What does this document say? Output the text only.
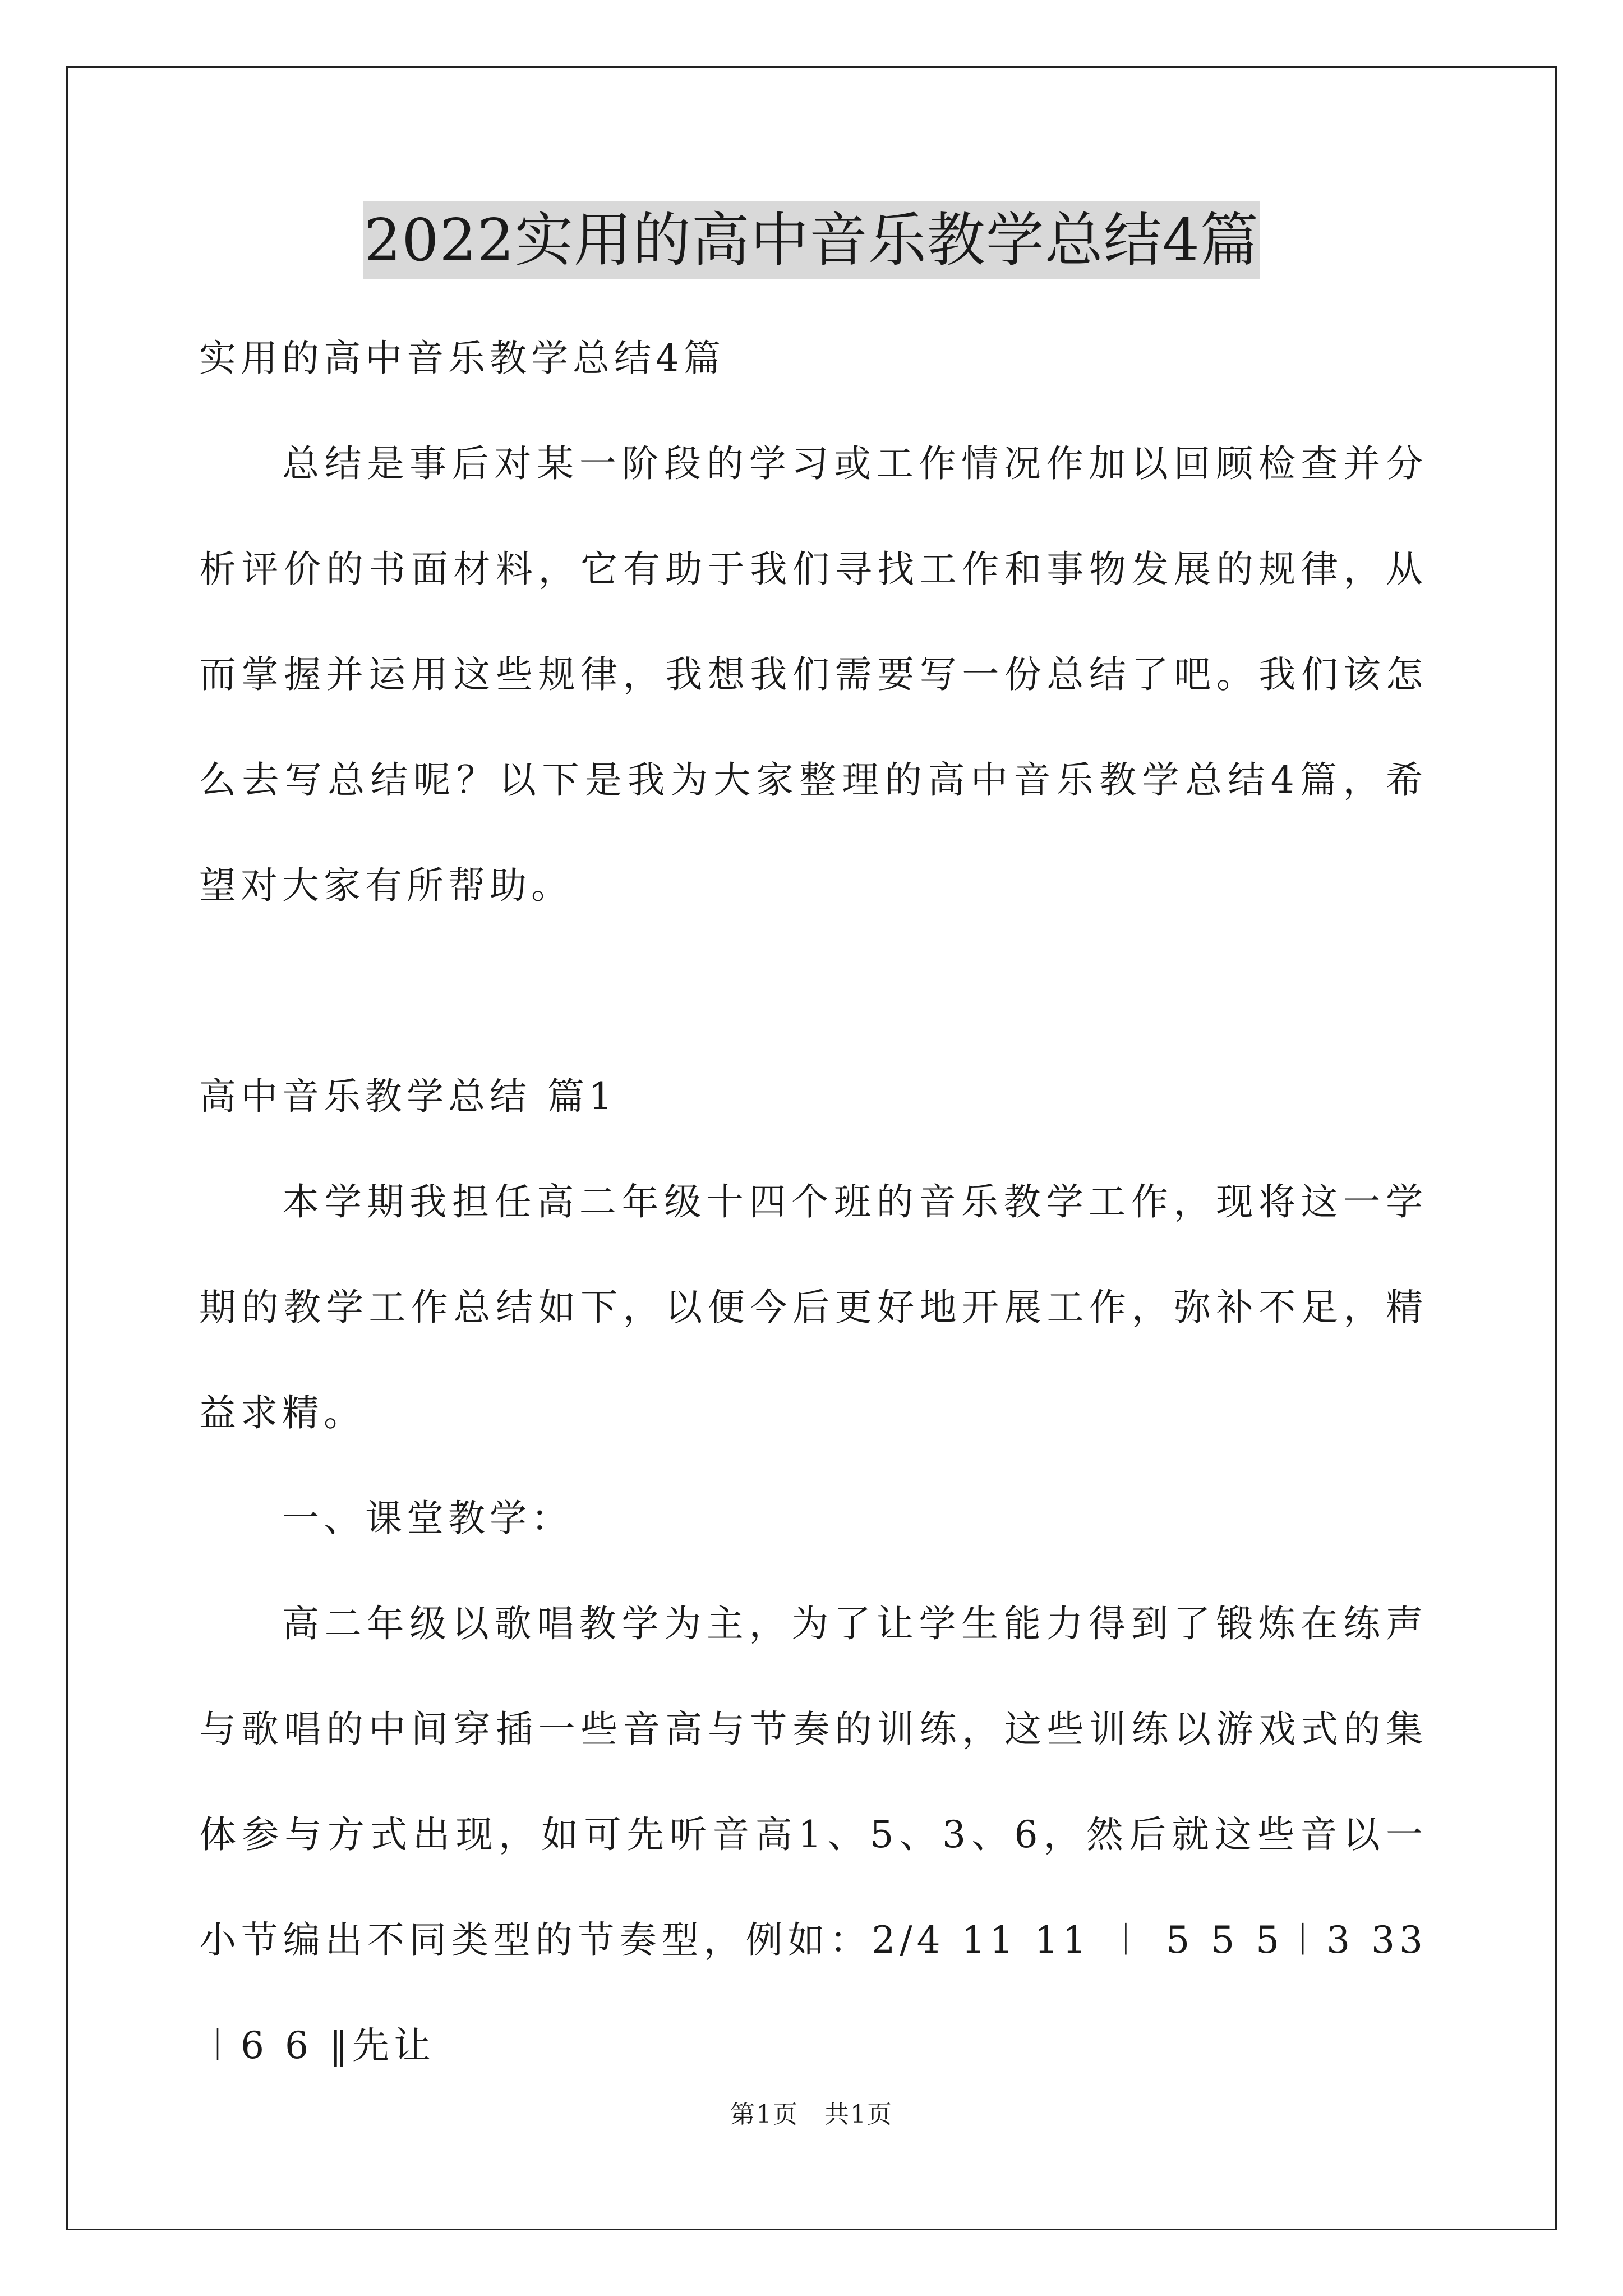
2022实用的高中音乐教学总结4篇

实用的高中音乐教学总结4篇

总结是事后对某一阶段的学习或工作情况作加以回顾检查并分析评价的书面材料，它有助于我们寻找工作和事物发展的规律，从而掌握并运用这些规律，我想我们需要写一份总结了吧。我们该怎么去写总结呢？以下是我为大家整理的高中音乐教学总结4篇，希望对大家有所帮助。

高中音乐教学总结 篇1

本学期我担任高二年级十四个班的音乐教学工作，现将这一学期的教学工作总结如下，以便今后更好地开展工作，弥补不足，精益求精。

一、课堂教学：

高二年级以歌唱教学为主，为了让学生能力得到了锻炼在练声与歌唱的中间穿插一些音高与节奏的训练，这些训练以游戏式的集体参与方式出现，如可先听音高1、5、3、6，然后就这些音以一小节编出不同类型的节奏型，例如：2/4 11 11 ︱ 5 5 5︱3 33︱6 6 ‖先让

第1页　共1页
